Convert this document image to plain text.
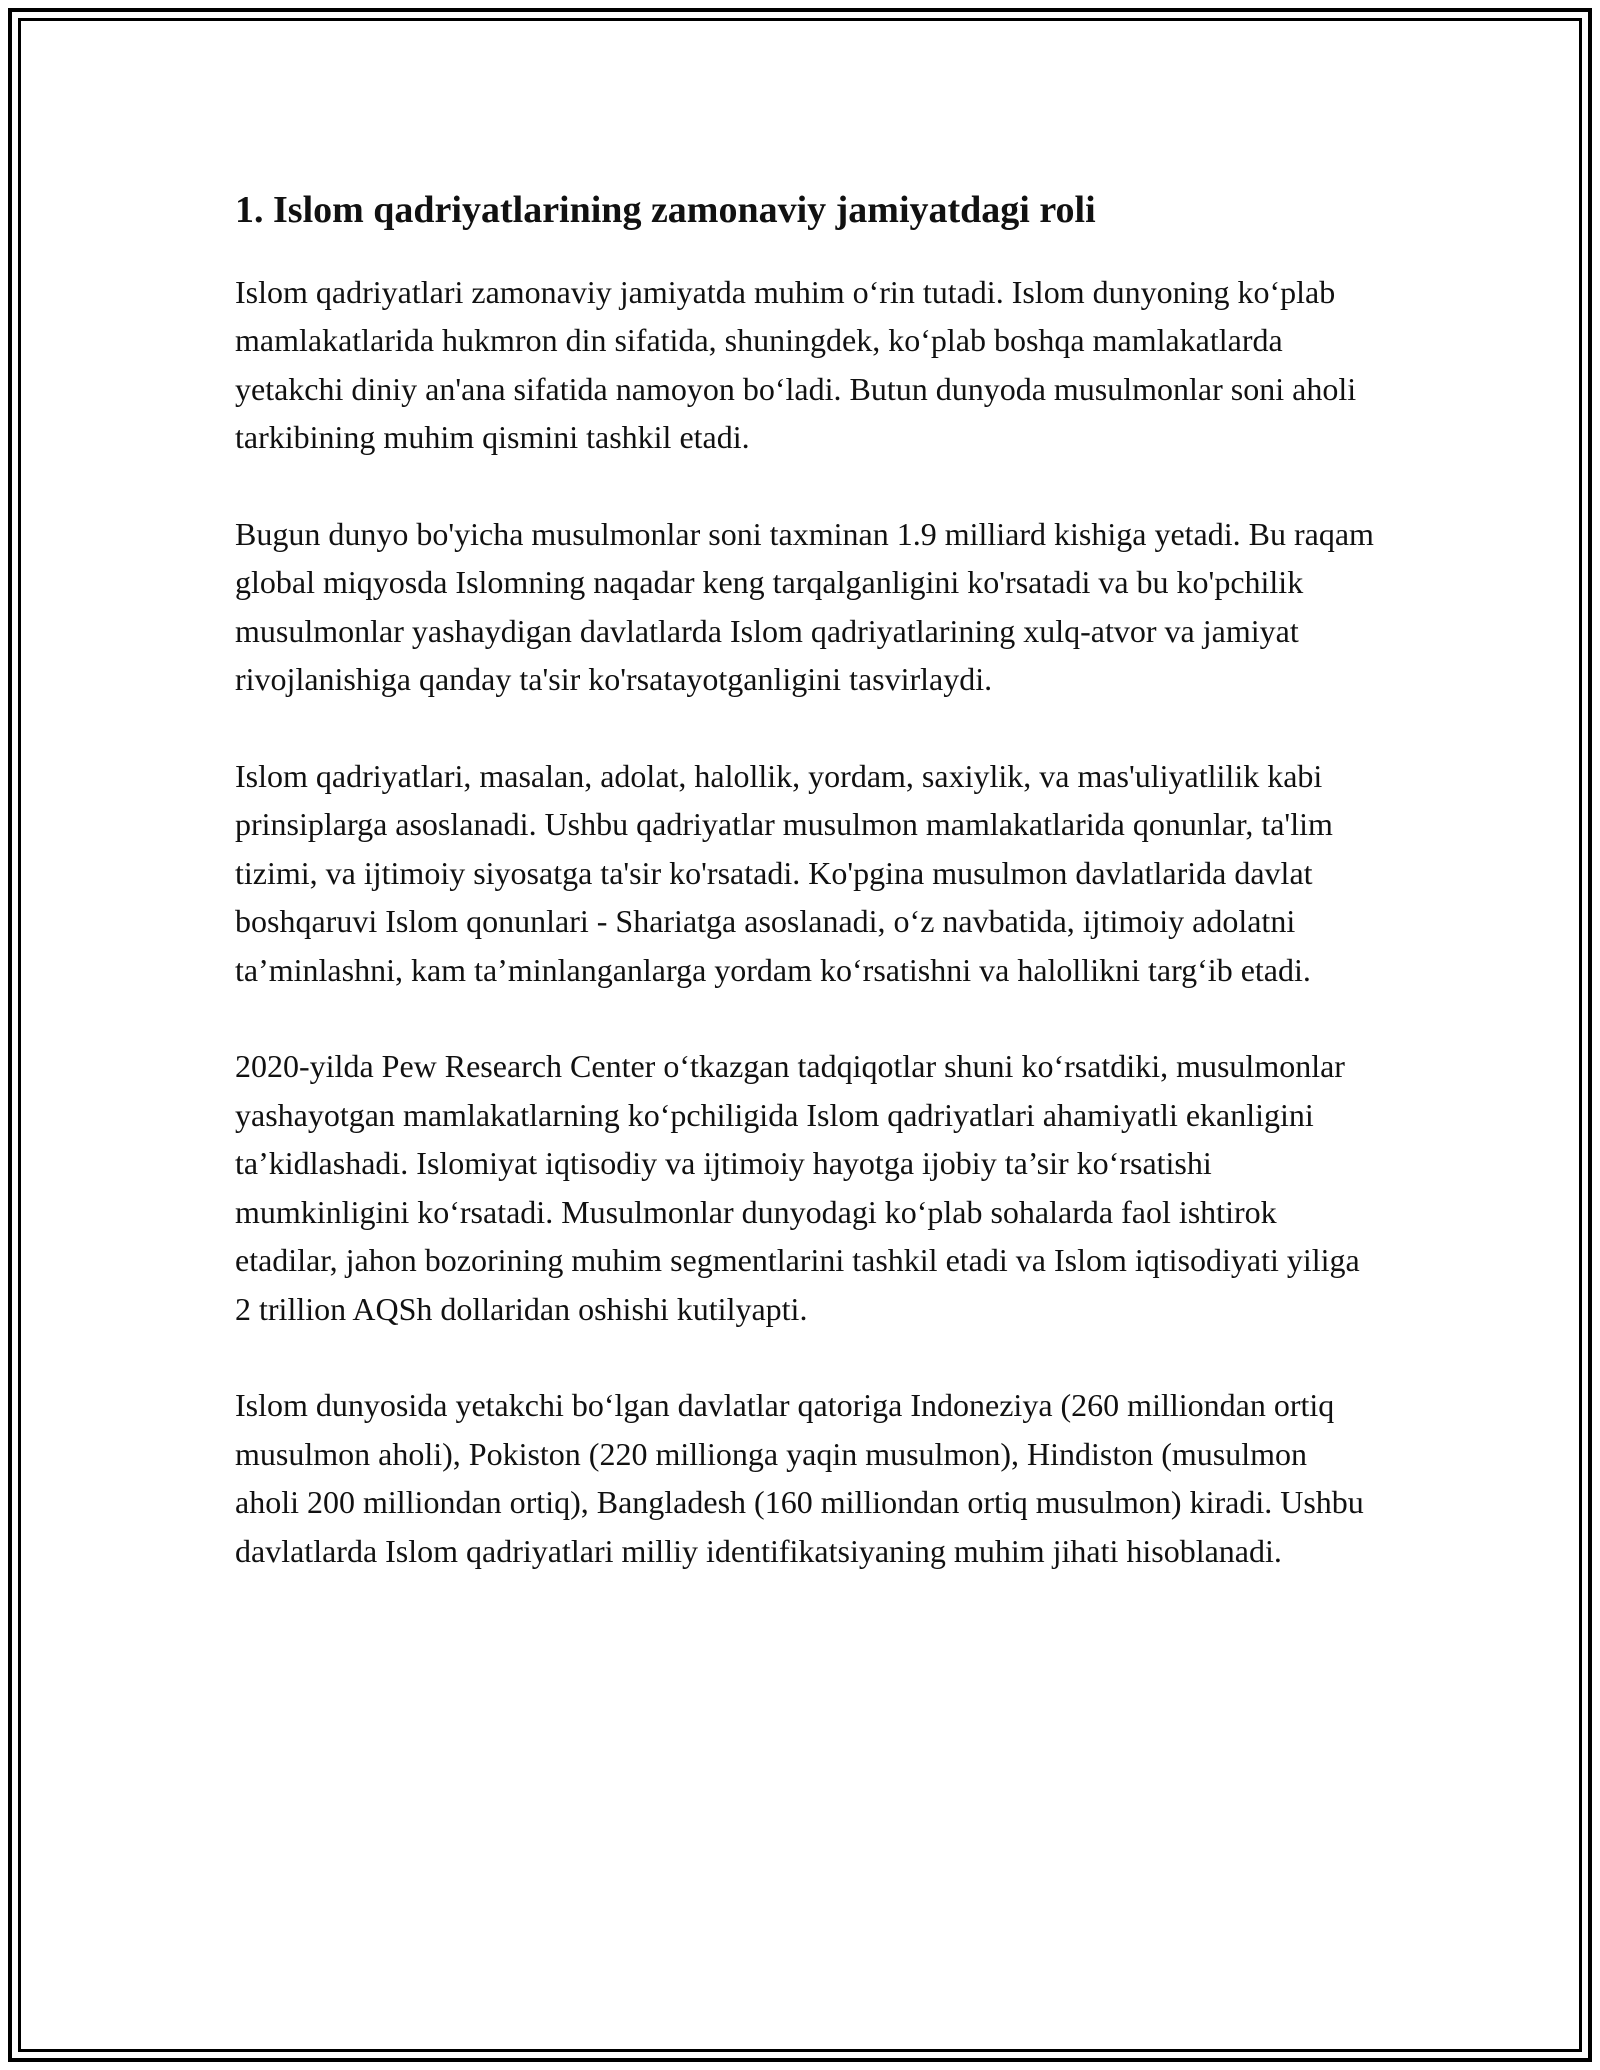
1. Islom qadriyatlarining zamonaviy jamiyatdagi roli

Islom qadriyatlari zamonaviy jamiyatda muhim o‘rin tutadi. Islom dunyoning ko‘plab mamlakatlarida hukmron din sifatida, shuningdek, ko‘plab boshqa mamlakatlarda yetakchi diniy an'ana sifatida namoyon bo‘ladi. Butun dunyoda musulmonlar soni aholi tarkibining muhim qismini tashkil etadi.

Bugun dunyo bo'yicha musulmonlar soni taxminan 1.9 milliard kishiga yetadi. Bu raqam global miqyosda Islomning naqadar keng tarqalganligini ko'rsatadi va bu ko'pchilik musulmonlar yashaydigan davlatlarda Islom qadriyatlarining xulq-atvor va jamiyat rivojlanishiga qanday ta'sir ko'rsatayotganligini tasvirlaydi.

Islom qadriyatlari, masalan, adolat, halollik, yordam, saxiylik, va mas'uliyatlilik kabi prinsiplarga asoslanadi. Ushbu qadriyatlar musulmon mamlakatlarida qonunlar, ta'lim tizimi, va ijtimoiy siyosatga ta'sir ko'rsatadi. Ko'pgina musulmon davlatlarida davlat boshqaruvi Islom qonunlari - Shariatga asoslanadi, o‘z navbatida, ijtimoiy adolatni ta’minlashni, kam ta’minlanganlarga yordam ko‘rsatishni va halollikni targ‘ib etadi.

2020-yilda Pew Research Center o‘tkazgan tadqiqotlar shuni ko‘rsatdiki, musulmonlar yashayotgan mamlakatlarning ko‘pchiligida Islom qadriyatlari ahamiyatli ekanligini ta’kidlashadi. Islomiyat iqtisodiy va ijtimoiy hayotga ijobiy ta’sir ko‘rsatishi mumkinligini ko‘rsatadi. Musulmonlar dunyodagi ko‘plab sohalarda faol ishtirok etadilar, jahon bozorining muhim segmentlarini tashkil etadi va Islom iqtisodiyati yiliga 2 trillion AQSh dollaridan oshishi kutilyapti.

Islom dunyosida yetakchi bo‘lgan davlatlar qatoriga Indoneziya (260 milliondan ortiq musulmon aholi), Pokiston (220 millionga yaqin musulmon), Hindiston (musulmon aholi 200 milliondan ortiq), Bangladesh (160 milliondan ortiq musulmon) kiradi. Ushbu davlatlarda Islom qadriyatlari milliy identifikatsiyaning muhim jihati hisoblanadi.
